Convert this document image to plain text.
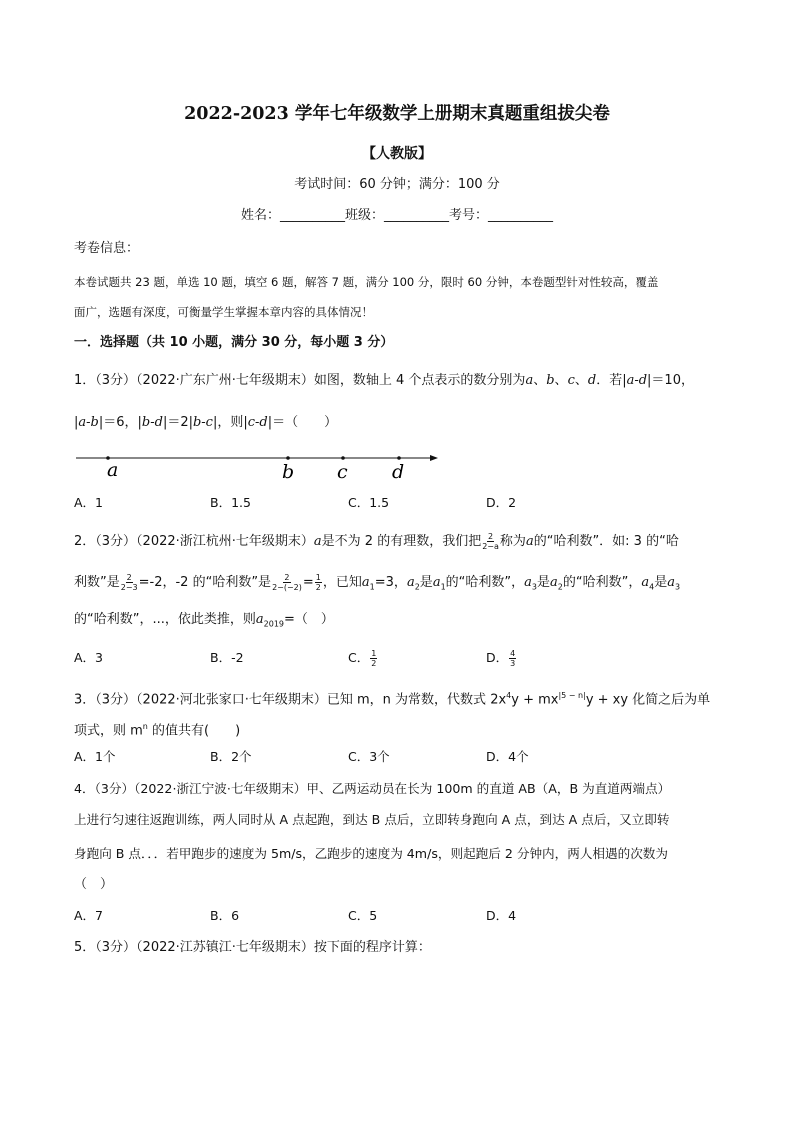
2022-2023 学年七年级数学上册期末真题重组拔尖卷
【人教版】
考试时间：60 分钟；满分：100 分
姓名：__________班级：__________考号：__________
考卷信息：
本卷试题共 23 题，单选 10 题，填空 6 题，解答 7 题，满分 100 分，限时 60 分钟，本卷题型针对性较高，覆盖
面广，选题有深度，可衡量学生掌握本章内容的具体情况！
一．选择题（共 10 小题，满分 30 分，每小题 3 分）
1．（3分）（2022·广东广州·七年级期末）如图，数轴上 4 个点表示的数分别为a、b、c、d．若|a-d|＝10，
|a-b|＝6，|b-d|＝2|b-c|，则|c-d|＝（　　）
a	b c d
A．1	B．1.5	C．1.5	D．2
2．（3分）（2022·浙江杭州·七年级期末）a是不为 2 的有理数，我们把 $\frac{2}{2-a}$ 称为a的“哈利数”．如: 3 的“哈
利数”是 $\frac{2}{2-3} =-2$，-2 的“哈利数”是 $\frac{2}{2-(-2)} = \frac{1}{2}$ ，已知$a_1=3$，$a_2$是$a_1$的“哈利数”，$a_3$是$a_2$的“哈利数”，$a_4$是$a_3$
的“哈利数”，...，依此类推，则$a_{2019}=$（　）
A．3	B．-2	C． $\frac{1}{2}$	D． $\frac{4}{3}$
3．（3分）（2022·河北张家口·七年级期末）已知 m，n 为常数，代数式 $2x^4y + mx^{|5 - n|}y$ + xy 化简之后为单
项式，则 $m^n$ 的值共有(　　)
A．1个	B．2个	C．3个	D．4个
4．（3分）（2022·浙江宁波·七年级期末）甲、乙两运动员在长为 100m 的直道 AB（A，B 为直道两端点）
上进行匀速往返跑训练，两人同时从 A 点起跑，到达 B 点后，立即转身跑向 A 点，到达 A 点后，又立即转
身跑向 B 点．．．若甲跑步的速度为 5m/s，乙跑步的速度为 4m/s，则起跑后 2 分钟内，两人相遇的次数为
（　）
A．7	B．6	C．5	D．4
5．（3分）（2022·江苏镇江·七年级期末）按下面的程序计算：
